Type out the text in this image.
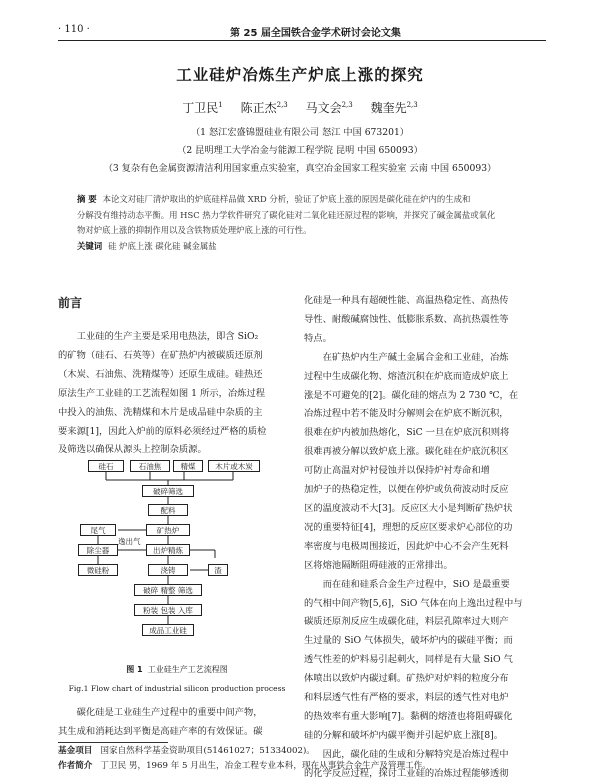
· 110 ·	第 25 届全国铁合金学术研讨会论文集
工业硅炉冶炼生产炉底上涨的探究
丁卫民$^1$ 陈正杰$^{2,3}$ 马文会$^{2,3}$ 魏奎先$^{2,3}$
（1 怒江宏盛锦盟硅业有限公司 怒江 中国 673201）
（2 昆明理工大学冶金与能源工程学院 昆明 中国 650093）
（3 复杂有色金属资源清洁利用国家重点实验室，真空冶金国家工程实验室 云南 中国 650093）
摘 要 本论文对硅厂清炉取出的炉底硅样品做 XRD 分析，验证了炉底上涨的原因是碳化硅在炉内的生成和
分解没有维持动态平衡。用 HSC 热力学软件研究了碳化硅对二氧化硅还原过程的影响，并探究了碱金属盐或氧化
物对炉底上涨的抑制作用以及含铁物质处理炉底上涨的可行性。
关键词 硅 炉底上涨 碳化硅 碱金属盐
前言

工业硅的生产主要是采用电热法，即含 SiO₂

的矿物（硅石、石英等）在矿热炉内被碳质还原剂

（木炭、石油焦、洗精煤等）还原生成硅。硅热还

原法生产工业硅的工艺流程如图 1 所示，冶炼过程

中投入的油焦、洗精煤和木片是成品硅中杂质的主

要来源[1]，因此入炉前的原料必须经过严格的质检

及筛选以确保从源头上控制杂质源。

硅石	石油焦	精煤	木片或木炭
破碎筛选
配料
矿热炉
出炉精炼
浇铸
破碎 精整 筛选
粉装 包装 入库
成品工业硅
尾气
除尘器
微硅粉
逸出气
渣
图 1 工业硅生产工艺流程图
Fig.1 Flow chart of industrial silicon production process

碳化硅是工业硅生产过程中的重要中间产物，

其生成和消耗达到平衡是高硅产率的有效保证。碳

化硅是一种具有超硬性能、高温热稳定性、高热传

导性、耐酸碱腐蚀性、低膨胀系数、高抗热震性等

特点。

在矿热炉内生产碱土金属合金和工业硅，冶炼

过程中生成碳化物、熔渣沉积在炉底而造成炉底上

涨是不可避免的[2]。碳化硅的熔点为 2 730 ℃，在

冶炼过程中若不能及时分解则会在炉底不断沉积，

很难在炉内被加热熔化，SiC 一旦在炉底沉积则将

很难再被分解以致炉底上涨。碳化硅在炉底沉积区

可防止高温对炉衬侵蚀并以保持炉衬寿命和增

加炉子的热稳定性，以便在停炉或负荷波动时反应

区的温度波动不大[3]。反应区大小是判断矿热炉状

况的重要特征[4]，理想的反应区要求炉心部位的功

率密度与电极周围接近，因此炉中心不会产生死料

区将熔池隔断阻碍硅液的正常排出。

而在硅和硅系合金生产过程中，SiO 是最重要

的气相中间产物[5,6]，SiO 气体在向上逸出过程中与

碳质还原剂反应生成碳化硅，料层孔隙率过大则产

生过量的 SiO 气体损失，破坏炉内的碳硅平衡；而

透气性差的炉料易引起刺火，同样是有大量 SiO 气

体喷出以致炉内碳过剩。矿热炉对炉料的粒度分布

和料层透气性有严格的要求，料层的透气性对电炉

的热效率有重大影响[7]。黏稠的熔渣也将阻碍碳化

硅的分解和破坏炉内碳平衡并引起炉底上涨[8]。

因此，碳化硅的生成和分解特究是冶炼过程中

的化学反应过程，探讨工业硅的冶炼过程能够透彻

基金项目 国家自然科学基金资助项目(51461027；51334002)。
作者简介 丁卫民 男，1969 年 5 月出生，冶金工程专业本科，现在从事铁合金生产及管理工作。
